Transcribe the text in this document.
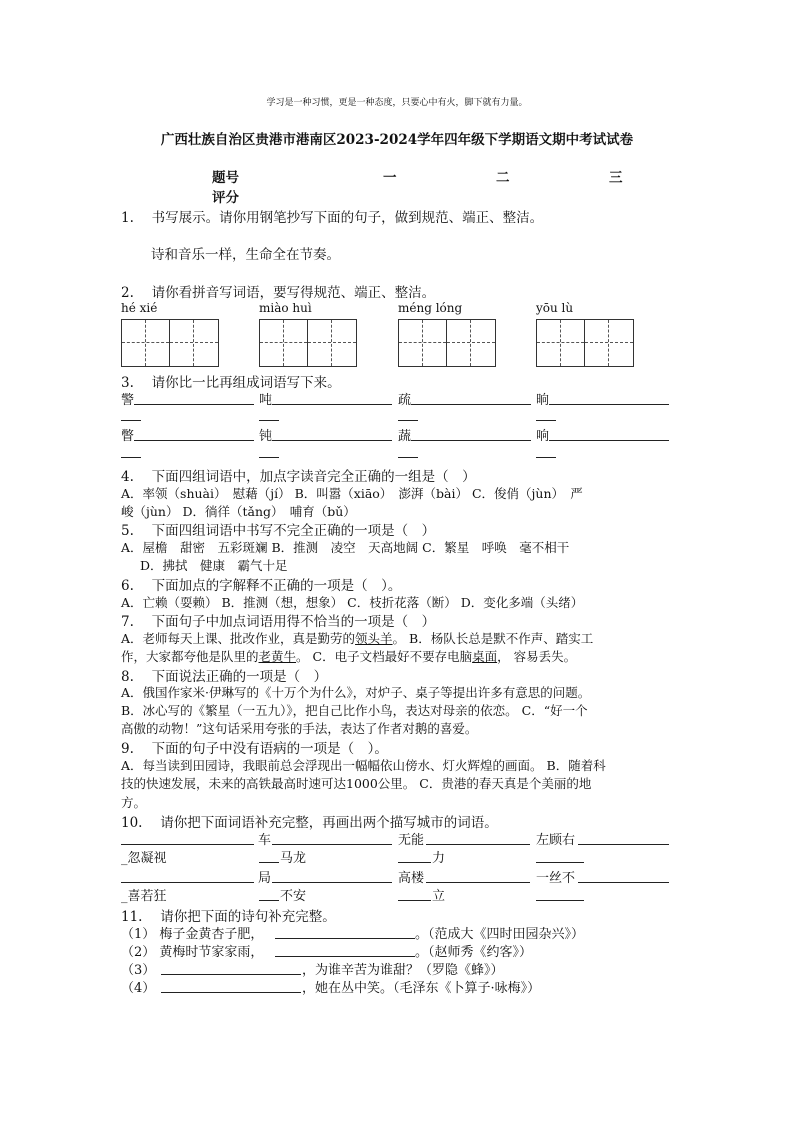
学习是一种习惯，更是一种态度，只要心中有火，脚下就有力量。
广西壮族自治区贵港市港南区2023-2024学年四年级下学期语文期中考试试卷
题号	一	二	三
评分
1.　 书写展示。请你用钢笔抄写下面的句子，做到规范、端正、整洁。
诗和音乐一样，生命全在节奏。
2.　 请你看拼音写词语，要写得规范、端正、整洁。
hé xié	miào huì	méng lóng	yōu lù
3.　 请你比一比再组成词语写下来。
警	吨	疏	晌
瞥	钝	蔬	响
4.　 下面四组词语中，加点字读音完全正确的一组是（　）
A．率领（shuài）　慰藉（jí） B．叫嚣（xiāo）　澎湃（bài） C．俊俏（jùn）　严
峻（jùn） D．徜徉（tǎng）　哺育（bǔ）
5.　 下面四组词语中书写不完全正确的一项是（　）
A．屋檐　甜密　五彩斑斓 B．推测　凌空　天高地阔 C．繁星　呼唤　毫不相干
D．拂拭　健康　霸气十足
6.　 下面加点的字解释不正确的一项是（　）。
A．亡赖（耍赖） B．推测（想，想象） C．枝折花落（断） D．变化多端（头绪）
7.　 下面句子中加点词语用得不恰当的一项是（　）
A．老师每天上课、批改作业，真是勤劳的领头羊。 B．杨队长总是默不作声、踏实工
作，大家都夸他是队里的老黄牛。 C．电子文档最好不要存电脑桌面， 容易丢失。
8.　 下面说法正确的一项是（　）
A．俄国作家米·伊琳写的《十万个为什么》，对炉子、桌子等提出许多有意思的问题。
B．冰心写的《繁星（一五九）》，把自己比作小鸟，表达对母亲的依恋。 C．“好一个
高傲的动物！”这句话采用夸张的手法，表达了作者对鹅的喜爱。
9.　 下面的句子中没有语病的一项是（　）。
A．每当读到田园诗，我眼前总会浮现出一幅幅依山傍水、灯火辉煌的画面。 B．随着科
技的快速发展，未来的高铁最高时速可达1000公里。 C．贵港的春天真是个美丽的地
方。
10.　 请你把下面词语补充完整，再画出两个描写城市的词语。
车	无能	左顾右
_忽凝视	马龙	力
局	高楼	一丝不
_喜若狂	不安	立
11.　 请你把下面的诗句补充完整。
（1） 梅子金黄杏子肥，	。（范成大《四时田园杂兴》）
（2） 黄梅时节家家雨，	。（赵师秀《约客》）
（3）	，为谁辛苦为谁甜？（罗隐《蜂》）
（4）	，她在丛中笑。（毛泽东《卜算子·咏梅》）
